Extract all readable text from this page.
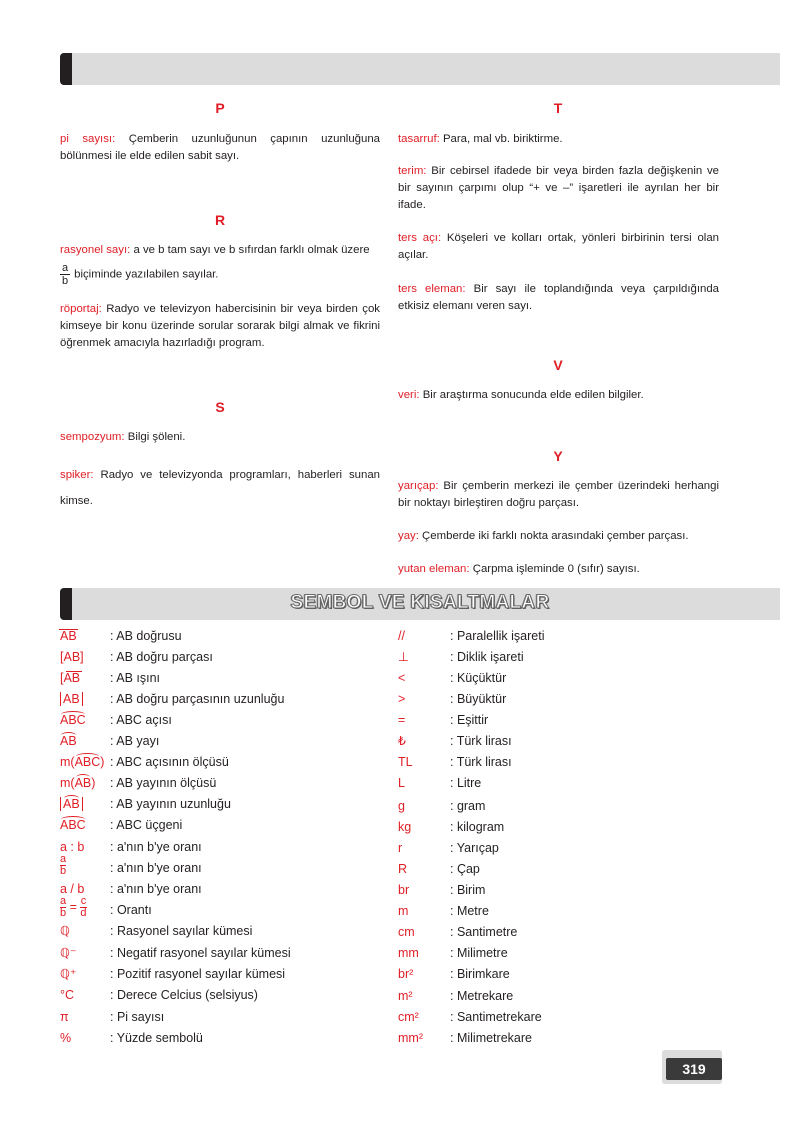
P

pi sayısı: Çemberin uzunluğunun çapının uzunluğuna bölünmesi ile elde edilen sabit sayı.

R

rasyonel sayı: a ve b tam sayı ve b sıfırdan farklı olmak üzere

$\frac{a}{b}$ biçiminde yazılabilen sayılar.

röportaj: Radyo ve televizyon habercisinin bir veya birden çok kimseye bir konu üzerinde sorular sorarak bilgi almak ve fikrini öğrenmek amacıyla hazırladığı program.

S

sempozyum: Bilgi şöleni.

spiker: Radyo ve televizyonda programları, haberleri sunan kimse.

T

tasarruf: Para, mal vb. biriktirme.

terim: Bir cebirsel ifadede bir veya birden fazla değişkenin ve bir sayının çarpımı olup “+ ve –” işaretleri ile ayrılan her bir ifade.

ters açı: Köşeleri ve kolları ortak, yönleri birbirinin tersi olan açılar.

ters eleman: Bir sayı ile toplandığında veya çarpıldığında etkisiz elemanı veren sayı.

V

veri: Bir araştırma sonucunda elde edilen bilgiler.

Y

yarıçap: Bir çemberin merkezi ile çember üzerindeki herhangi bir noktayı birleştiren doğru parçası.

yay: Çemberde iki farklı nokta arasındaki çember parçası.

yutan eleman: Çarpma işleminde 0 (sıfır) sayısı.

SEMBOL VE KISALTMALAR
AB	: AB doğrusu
[ AB ] : AB doğru parçası
[AB : AB ışını
AB : AB doğru parçasının uzunluğu
ABC : ABC açısı
AB	: AB yayı
m(ABC) : ABC açısının ölçüsü
m(AB) : AB yayının ölçüsü
AB : AB yayının uzunluğu
ABC : ABC üçgeni
a : b : a'nın b'ye oranı
$\frac{a}{b}$	: a'nın b'ye oranı
a / b : a'nın b'ye oranı
$\frac{a}{b} = \frac{c}{d}$ : Orantı
ℚ	: Rasyonel sayılar kümesi
ℚ⁻	: Negatif rasyonel sayılar kümesi
ℚ⁺	: Pozitif rasyonel sayılar kümesi
°C	: Derece Celcius (selsiyus)
π	: Pi sayısı
%	: Yüzde sembolü
//	: Paralellik işareti
⊥	: Diklik işareti
<	: Küçüktür
>	: Büyüktür
=	: Eşittir
₺	: Türk lirası
TL	: Türk lirası
L	: Litre
g	: gram
kg	: kilogram
r	: Yarıçap
R	: Çap
br	: Birim
m	: Metre
cm	: Santimetre
mm : Milimetre
br²	: Birimkare
m²	: Metrekare
cm² : Santimetrekare
mm² : Milimetrekare
319
